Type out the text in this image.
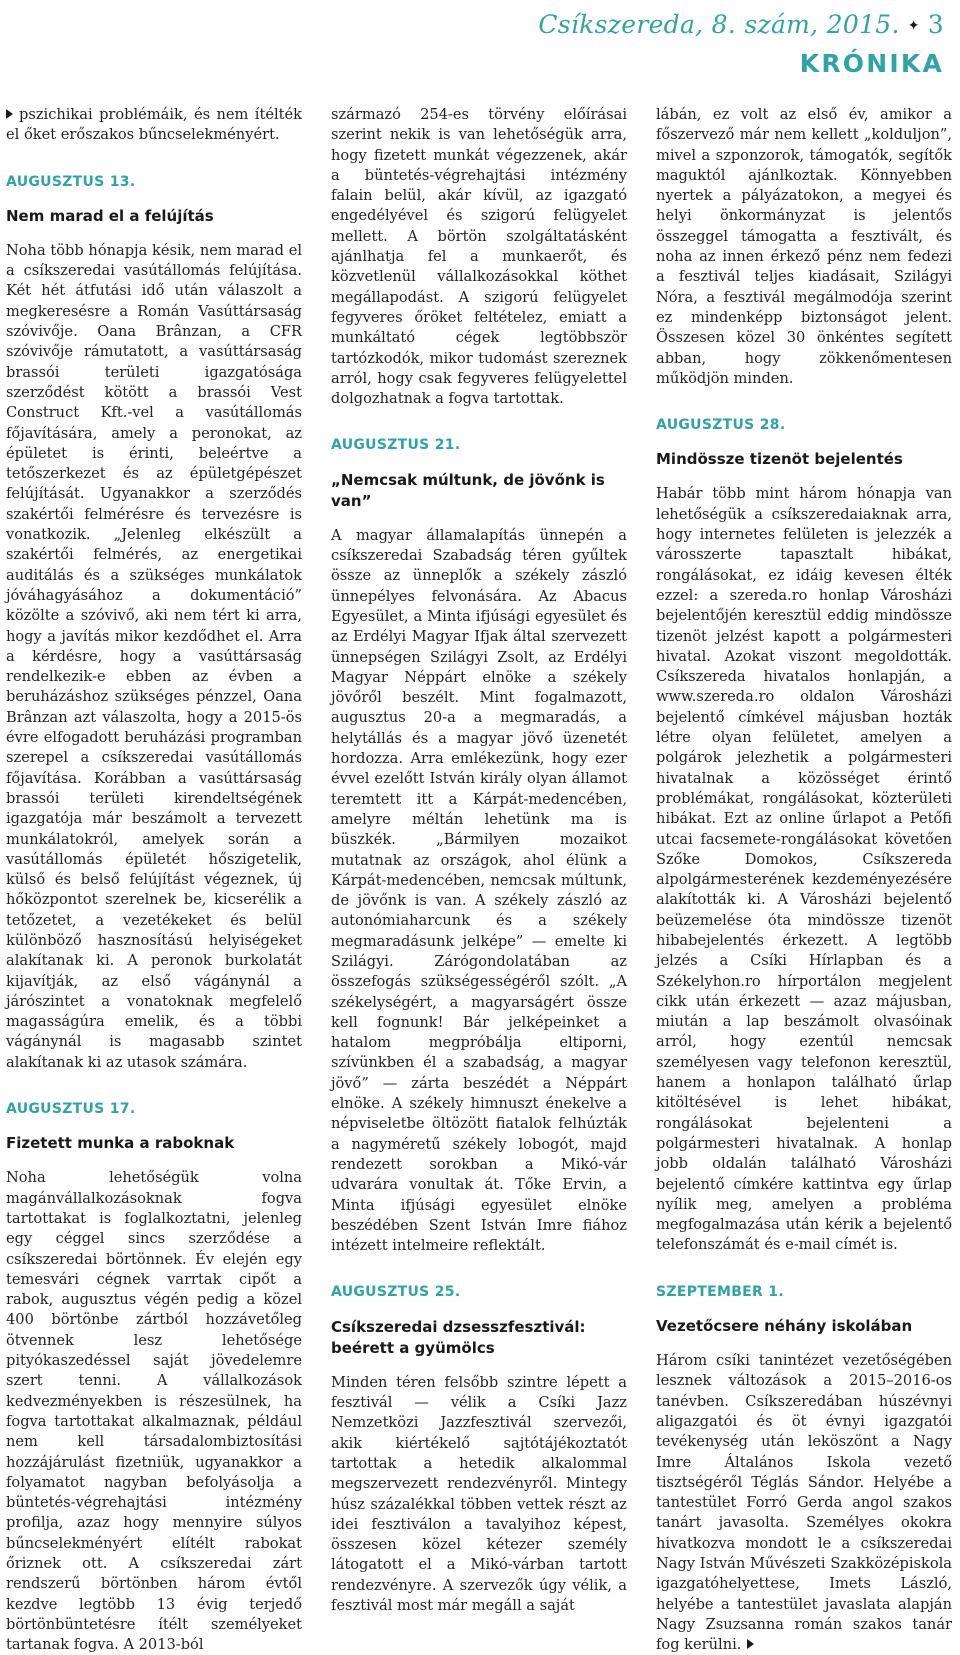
Csíkszereda, 8. szám, 2015. ✦ 3
KRÓNIKA

pszichikai problémáik, és nem ítélték el őket erőszakos bűncselekményért.

AUGUSZTUS 13.
Nem marad el a felújítás

Noha több hónapja késik, nem marad el a csíkszeredai vasútállomás felújítása. Két hét átfutási idő után válaszolt a megkeresésre a Román Vasúttársaság szóvivője. Oana Brânzan, a CFR szóvivője rámutatott, a vasúttársaság brassói területi igazgatósága szerződést kötött a brassói Vest Construct Kft.-vel a vasútállomás főjavítására, amely a peronokat, az épületet is érinti, beleértve a tetőszerkezet és az épületgépészet felújítását. Ugyanakkor a szerződés szakértői felmérésre és tervezésre is vonatkozik. „Jelenleg elkészült a szakértői felmérés, az energetikai auditálás és a szükséges munkálatok jóváhagyásához a dokumentáció” közölte a szóvivő, aki nem tért ki arra, hogy a javítás mikor kezdődhet el. Arra a kérdésre, hogy a vasúttársaság rendelkezik-e ebben az évben a beruházáshoz szükséges pénzzel, Oana Brânzan azt válaszolta, hogy a 2015-ös évre elfogadott beruházási programban szerepel a csíkszeredai vasútállomás főjavítása. Korábban a vasúttársaság brassói területi kirendeltségének igazgatója már beszámolt a tervezett munkálatokról, amelyek során a vasútállomás épületét hőszigetelik, külső és belső felújítást végeznek, új hőközpontot szerelnek be, kicserélik a tetőzetet, a vezetékeket és belül különböző hasznosítású helyiségeket alakítanak ki. A peronok burkolatát kijavítják, az első vágánynál a járószintet a vonatoknak megfelelő magasságúra emelik, és a többi vágánynál is magasabb szintet alakítanak ki az utasok számára.

AUGUSZTUS 17.
Fizetett munka a raboknak

Noha lehetőségük volna magánvállalkozásoknak fogva tartottakat is foglalkoztatni, jelenleg egy céggel sincs szerződése a csíkszeredai börtönnek. Év elején egy temesvári cégnek varrtak cipőt a rabok, augusztus végén pedig a közel 400 börtönbe zártból hozzávetőleg ötvennek lesz lehetősége pityókaszedéssel saját jövedelemre szert tenni. A vállalkozások kedvezményekben is részesülnek, ha fogva tartottakat alkalmaznak, például nem kell társadalombiztosítási hozzájárulást fizetniük, ugyanakkor a folyamatot nagyban befolyásolja a büntetés-végrehajtási intézmény profilja, azaz hogy mennyire súlyos bűncselekményért elítélt rabokat őriznek ott. A csíkszeredai zárt rendszerű börtönben három évtől kezdve legtöbb 13 évig terjedő börtönbüntetésre ítélt személyeket tartanak fogva. A 2013-ból

származó 254-es törvény előírásai szerint nekik is van lehetőségük arra, hogy fizetett munkát végezzenek, akár a büntetés-végrehajtási intézmény falain belül, akár kívül, az igazgató engedélyével és szigorú felügyelet mellett. A börtön szolgáltatásként ajánlhatja fel a munkaerőt, és közvetlenül vállalkozásokkal köthet megállapodást. A szigorú felügyelet fegyveres őröket feltételez, emiatt a munkáltató cégek legtöbbször tartózkodók, mikor tudomást szereznek arról, hogy csak fegyveres felügyelettel dolgozhatnak a fogva tartottak.

AUGUSZTUS 21.
„Nemcsak múltunk, de jövőnk is van”

A magyar államalapítás ünnepén a csíkszeredai Szabadság téren gyűltek össze az ünneplők a székely zászló ünnepélyes felvonására. Az Abacus Egyesület, a Minta ifjúsági egyesület és az Erdélyi Magyar Ifjak által szervezett ünnepségen Szilágyi Zsolt, az Erdélyi Magyar Néppárt elnöke a székely jövőről beszélt. Mint fogalmazott, augusztus 20-a a megmaradás, a helytállás és a magyar jövő üzenetét hordozza. Arra emlékezünk, hogy ezer évvel ezelőtt István király olyan államot teremtett itt a Kárpát-medencében, amelyre méltán lehetünk ma is büszkék. „Bármilyen mozaikot mutatnak az országok, ahol élünk a Kárpát-medencében, nemcsak múltunk, de jövőnk is van. A székely zászló az autonómiaharcunk és a székely megmaradásunk jelképe” — emelte ki Szilágyi. Zárógondolatában az összefogás szükségességéről szólt. „A székelységért, a magyarságért össze kell fognunk! Bár jelképeinket a hatalom megpróbálja eltiporni, szívünkben él a szabadság, a magyar jövő” — zárta beszédét a Néppárt elnöke. A székely himnuszt énekelve a népviseletbe öltözött fiatalok felhúzták a nagyméretű székely lobogót, majd rendezett sorokban a Mikó-vár udvarára vonultak át. Tőke Ervin, a Minta ifjúsági egyesület elnöke beszédében Szent István Imre fiához intézett intelmeire reflektált.

AUGUSZTUS 25.
Csíkszeredai dzsesszfesztivál: beérett a gyümölcs

Minden téren felsőbb szintre lépett a fesztivál — vélik a Csíki Jazz Nemzetközi Jazzfesztivál szervezői, akik kiértékelő sajtótájékoztatót tartottak a hetedik alkalommal megszervezett rendezvényről. Mintegy húsz százalékkal többen vettek részt az idei fesztiválon a tavalyihoz képest, összesen közel kétezer személy látogatott el a Mikó-várban tartott rendezvényre. A szervezők úgy vélik, a fesztivál most már megáll a saját

lábán, ez volt az első év, amikor a főszervező már nem kellett „kolduljon”, mivel a szponzorok, támogatók, segítők maguktól ajánlkoztak. Könnyebben nyertek a pályázatokon, a megyei és helyi önkormányzat is jelentős összeggel támogatta a fesztivált, és noha az innen érkező pénz nem fedezi a fesztivál teljes kiadásait, Szilágyi Nóra, a fesztivál megálmodója szerint ez mindenképp biztonságot jelent. Összesen közel 30 önkéntes segített abban, hogy zökkenőmentesen működjön minden.

AUGUSZTUS 28.
Mindössze tizenöt bejelentés

Habár több mint három hónapja van lehetőségük a csíkszeredaiaknak arra, hogy internetes felületen is jelezzék a városszerte tapasztalt hibákat, rongálásokat, ez idáig kevesen élték ezzel: a szereda.ro honlap Városházi bejelentőjén keresztül eddig mindössze tizenöt jelzést kapott a polgármesteri hivatal. Azokat viszont megoldották. Csíkszereda hivatalos honlapján, a www.szereda.ro oldalon Városházi bejelentő címkével májusban hozták létre olyan felületet, amelyen a polgárok jelezhetik a polgármesteri hivatalnak a közösséget érintő problémákat, rongálásokat, közterületi hibákat. Ezt az online űrlapot a Petőfi utcai facsemete-rongálásokat követően Szőke Domokos, Csíkszereda alpolgármesterének kezdeményezésére alakították ki. A Városházi bejelentő beüzemelése óta mindössze tizenöt hibabejelentés érkezett. A legtöbb jelzés a Csíki Hírlapban és a Székelyhon.ro hírportálon megjelent cikk után érkezett — azaz májusban, miután a lap beszámolt olvasóinak arról, hogy ezentúl nemcsak személyesen vagy telefonon keresztül, hanem a honlapon található űrlap kitöltésével is lehet hibákat, rongálásokat bejelenteni a polgármesteri hivatalnak. A honlap jobb oldalán található Városházi bejelentő címkére kattintva egy űrlap nyílik meg, amelyen a probléma megfogalmazása után kérik a bejelentő telefonszámát és e-mail címét is.

SZEPTEMBER 1.
Vezetőcsere néhány iskolában

Három csíki tanintézet vezetőségében lesznek változások a 2015–2016-os tanévben. Csíkszeredában húszévnyi aligazgatói és öt évnyi igazgatói tevékenység után leköszönt a Nagy Imre Általános Iskola vezető tisztségéről Téglás Sándor. Helyébe a tantestület Forró Gerda angol szakos tanárt javasolta. Személyes okokra hivatkozva mondott le a csíkszeredai Nagy István Művészeti Szakközépiskola igazgatóhelyettese, Imets László, helyébe a tantestület javaslata alapján Nagy Zsuzsanna román szakos tanár fog kerülni.
